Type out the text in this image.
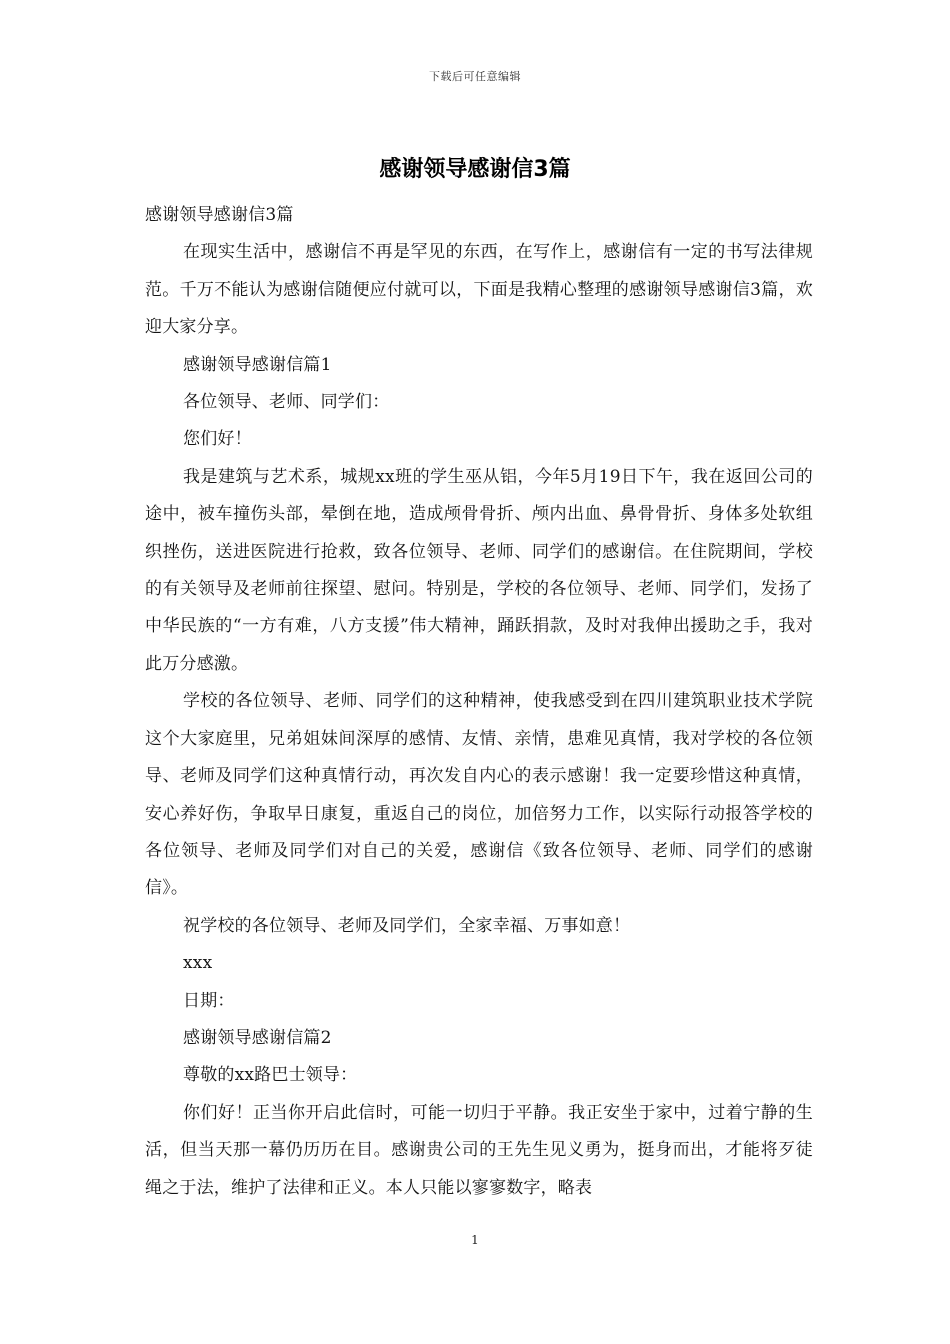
下载后可任意编辑
感谢领导感谢信3篇

感谢领导感谢信3篇

在现实生活中，感谢信不再是罕见的东西，在写作上，感谢信有一定的书写法律规范。千万不能认为感谢信随便应付就可以，下面是我精心整理的感谢领导感谢信3篇，欢迎大家分享。

感谢领导感谢信篇1

各位领导、老师、同学们：

您们好！

我是建筑与艺术系，城规xx班的学生巫从铝，今年5月19日下午，我在返回公司的途中，被车撞伤头部，晕倒在地，造成颅骨骨折、颅内出血、鼻骨骨折、身体多处软组织挫伤，送进医院进行抢救，致各位领导、老师、同学们的感谢信。在住院期间，学校的有关领导及老师前往探望、慰问。特别是，学校的各位领导、老师、同学们，发扬了中华民族的“一方有难，八方支援”伟大精神，踊跃捐款，及时对我伸出援助之手，我对此万分感激。

学校的各位领导、老师、同学们的这种精神，使我感受到在四川建筑职业技术学院这个大家庭里，兄弟姐妹间深厚的感情、友情、亲情，患难见真情，我对学校的各位领导、老师及同学们这种真情行动，再次发自内心的表示感谢！我一定要珍惜这种真情，安心养好伤，争取早日康复，重返自己的岗位，加倍努力工作，以实际行动报答学校的各位领导、老师及同学们对自己的关爱，感谢信《致各位领导、老师、同学们的感谢信》。

祝学校的各位领导、老师及同学们，全家幸福、万事如意！

xxx

日期：

感谢领导感谢信篇2

尊敬的xx路巴士领导：

你们好！正当你开启此信时，可能一切归于平静。我正安坐于家中，过着宁静的生活，但当天那一幕仍历历在目。感谢贵公司的王先生见义勇为，挺身而出，才能将歹徒绳之于法，维护了法律和正义。本人只能以寥寥数字，略表

1
